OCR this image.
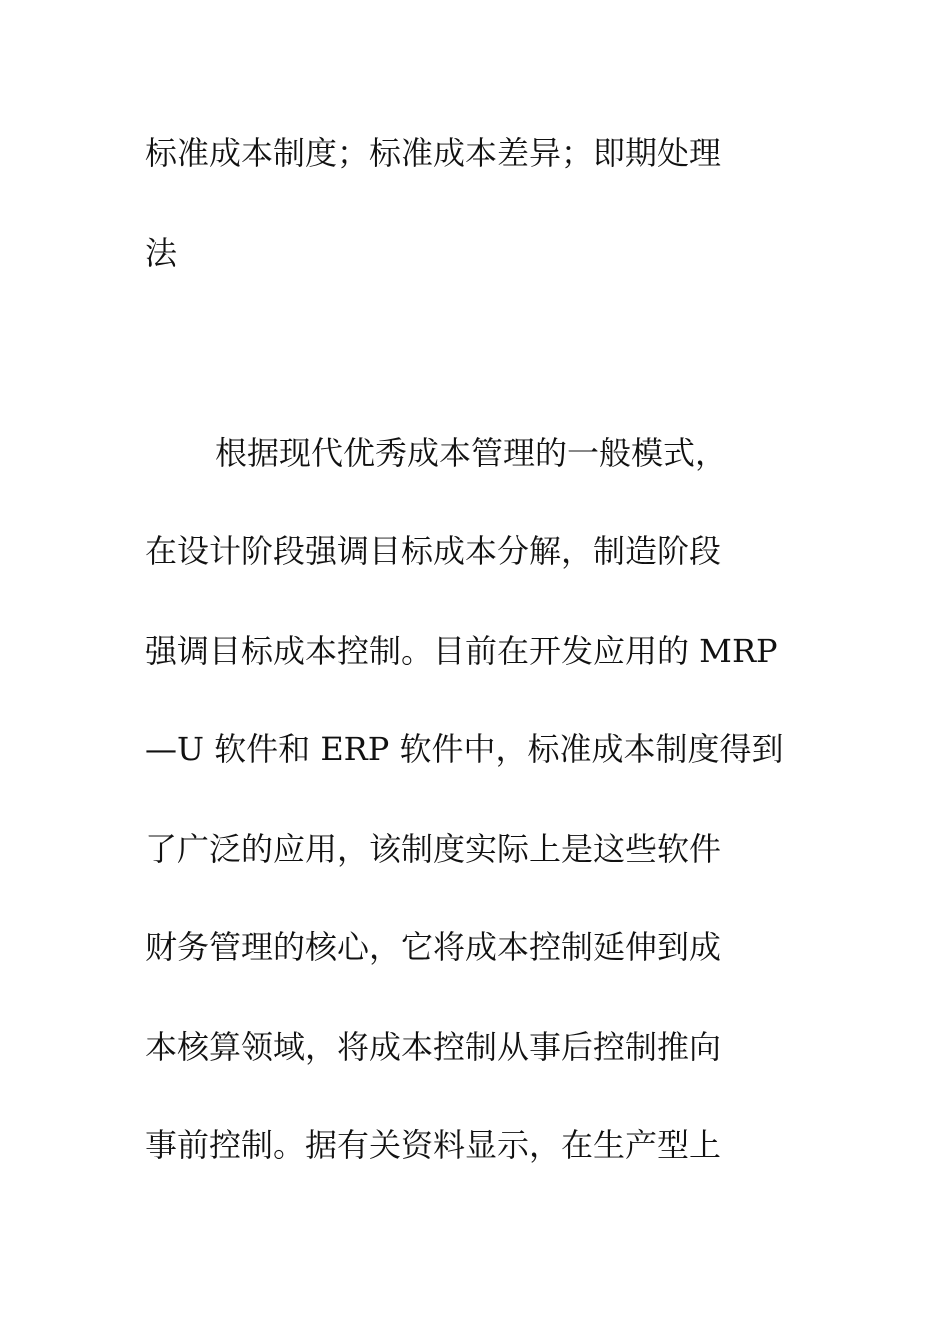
标准成本制度；标准成本差异；即期处理
法
根据现代优秀成本管理的一般模式，
在设计阶段强调目标成本分解，制造阶段
强调目标成本控制。目前在开发应用的 MRP
—U 软件和 ERP 软件中，标准成本制度得到
了广泛的应用，该制度实际上是这些软件
财务管理的核心，它将成本控制延伸到成
本核算领域，将成本控制从事后控制推向
事前控制。据有关资料显示，在生产型上
